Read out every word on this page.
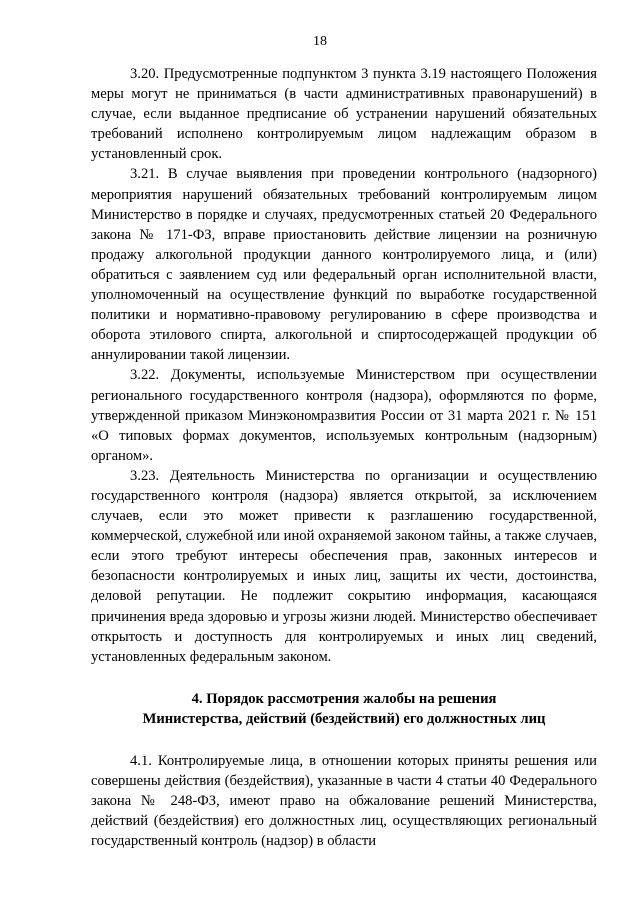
18

3.20. Предусмотренные подпунктом 3 пункта 3.19 настоящего Положения меры могут не приниматься (в части административных правонарушений) в случае, если выданное предписание об устранении нарушений обязательных требований исполнено контролируемым лицом надлежащим образом в установленный срок.

3.21. В случае выявления при проведении контрольного (надзорного) мероприятия нарушений обязательных требований контролируемым лицом Министерство в порядке и случаях, предусмотренных статьей 20 Федерального закона № 171-ФЗ, вправе приостановить действие лицензии на розничную продажу алкогольной продукции данного контролируемого лица, и (или) обратиться с заявлением суд или федеральный орган исполнительной власти, уполномоченный на осуществление функций по выработке государственной политики и нормативно-правовому регулированию в сфере производства и оборота этилового спирта, алкогольной и спиртосодержащей продукции об аннулировании такой лицензии.

3.22. Документы, используемые Министерством при осуществлении регионального государственного контроля (надзора), оформляются по форме, утвержденной приказом Минэкономразвития России от 31 марта 2021 г. № 151 «О типовых формах документов, используемых контрольным (надзорным) органом».

3.23. Деятельность Министерства по организации и осуществлению государственного контроля (надзора) является открытой, за исключением случаев, если это может привести к разглашению государственной, коммерческой, служебной или иной охраняемой законом тайны, а также случаев, если этого требуют интересы обеспечения прав, законных интересов и безопасности контролируемых и иных лиц, защиты их чести, достоинства, деловой репутации. Не подлежит сокрытию информация, касающаяся причинения вреда здоровью и угрозы жизни людей. Министерство обеспечивает открытость и доступность для контролируемых и иных лиц сведений, установленных федеральным законом.

4. Порядок рассмотрения жалобы на решения
Министерства, действий (бездействий) его должностных лиц

4.1. Контролируемые лица, в отношении которых приняты решения или совершены действия (бездействия), указанные в части 4 статьи 40 Федерального закона № 248-ФЗ, имеют право на обжалование решений Министерства, действий (бездействия) его должностных лиц, осуществляющих региональный государственный контроль (надзор) в области
